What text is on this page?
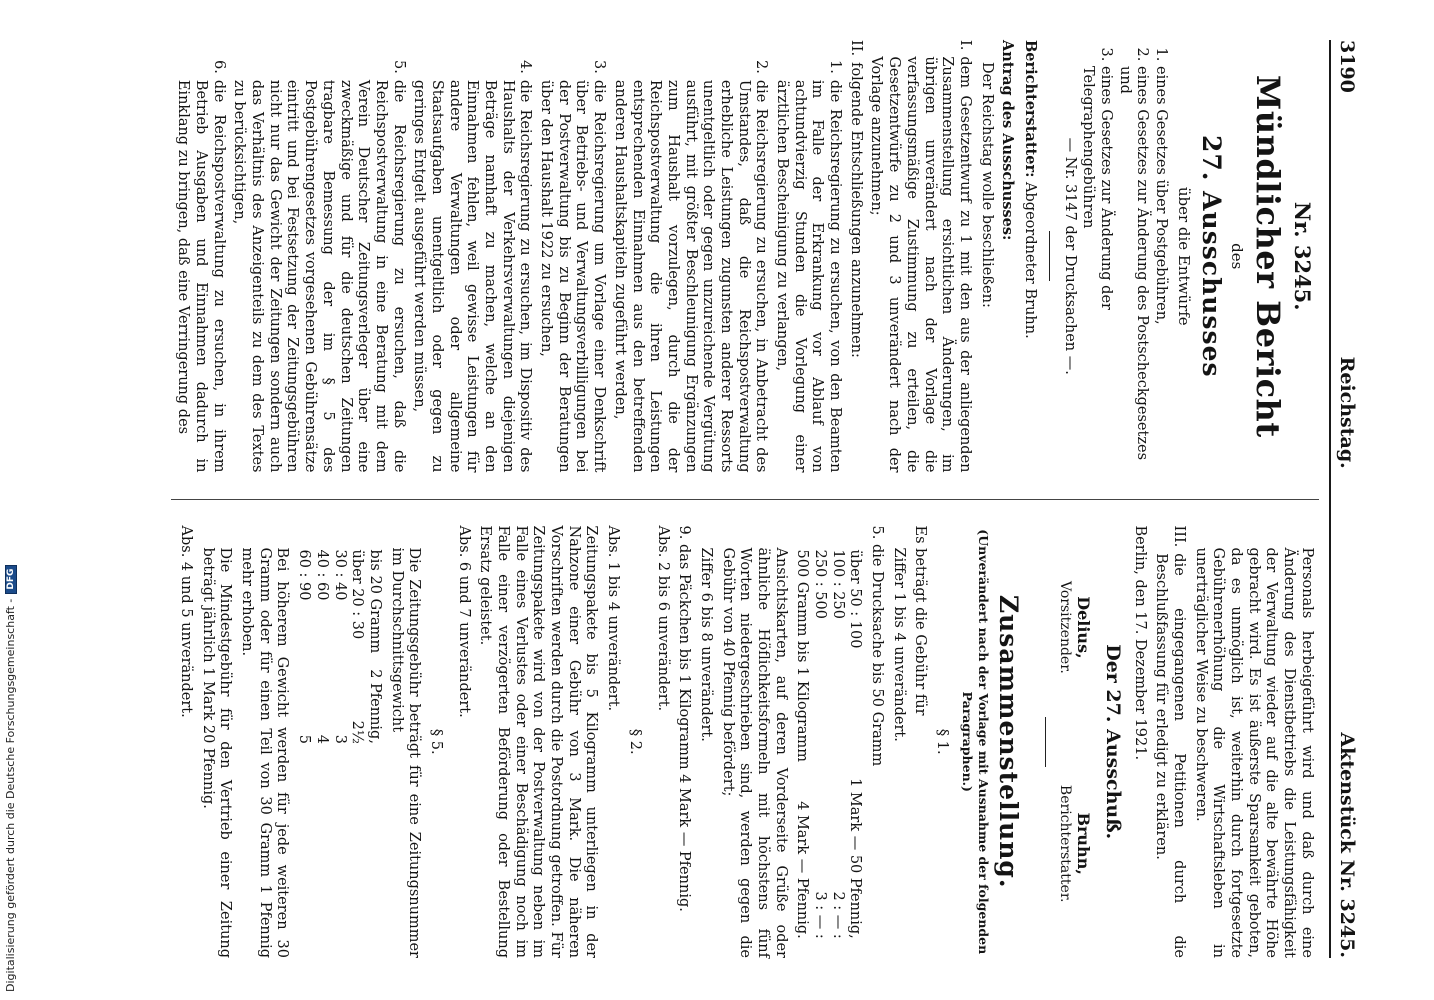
3190
Reichstag.
Aktenstück Nr. 3245.
Nr. 3245.
Mündlicher Bericht
des
27. Ausschusses
über die Entwürfe
1. eines Gesetzes über Postgebühren,
2. eines Gesetzes zur Änderung des Postscheckgesetzes und
3. eines Gesetzes zur Änderung der Telegraphengebühren
— Nr. 3147 der Drucksachen —.
Berichterstatter: Abgeordneter Bruhn.
Antrag des Ausschusses:
Der Reichstag wolle beschließen:
I.
dem Gesetzentwurf zu 1 mit den aus der anliegenden Zusammenstellung ersichtlichen Änderungen, im übrigen unverändert nach der Vorlage die verfassungsmäßige Zustimmung zu erteilen, die Gesetzentwürfe zu 2 und 3 unverändert nach der Vorlage anzunehmen;
II.
folgende Entschließungen anzunehmen:
1.
die Reichsregierung zu ersuchen, von den Beamten im Falle der Erkrankung vor Ablauf von achtundvierzig Stunden die Vorlegung einer ärztlichen Bescheinigung zu verlangen,
2.
die Reichsregierung zu ersuchen, in Anbetracht des Umstandes, daß die Reichspostverwaltung erhebliche Leistungen zugunsten anderer Ressorts unentgeltlich oder gegen unzureichende Vergütung ausführt, mit größter Beschleunigung Ergänzungen zum Haushalt vorzulegen, durch die der Reichspostverwaltung die ihren Leistungen entsprechenden Einnahmen aus den betreffenden anderen Haushaltskapiteln zugeführt werden,
3.
die Reichsregierung um Vorlage einer Denkschrift über Betriebs- und Verwaltungsverbilligungen bei der Postverwaltung bis zu Beginn der Beratungen über den Haushalt 1922 zu ersuchen,
4.
die Reichsregierung zu ersuchen, im Dispositiv des Haushalts der Verkehrsverwaltungen diejenigen Beträge namhaft zu machen, welche an den Einnahmen fehlen, weil gewisse Leistungen für andere Verwaltungen oder allgemeine Staatsaufgaben unentgeltlich oder gegen zu geringes Entgelt ausgeführt werden müssen,
5.
die Reichsregierung zu ersuchen, daß die Reichspostverwaltung in eine Beratung mit dem Verein Deutscher Zeitungsverleger über eine zweckmäßige und für die deutschen Zeitungen tragbare Bemessung der im § 5 des Postgebührengesetzes vorgesehenen Gebührensätze eintritt und bei Festsetzung der Zeitungsgebühren nicht nur das Gewicht der Zeitungen sondern auch das Verhältnis des Anzeigenteils zu dem des Textes zu berücksichtigen,
6.
die Reichspostverwaltung zu ersuchen, in ihrem Betrieb Ausgaben und Einnahmen dadurch in Einklang zu bringen, daß eine Verringerung des
Personals herbeigeführt wird und daß durch eine Änderung des Dienstbetriebs die Leistungsfähigkeit der Verwaltung wieder auf die alte bewährte Höhe gebracht wird. Es ist äußerste Sparsamkeit geboten, da es unmöglich ist, weiterhin durch fortgesetzte Gebührenerhöhung die Wirtschaftsleben in unerträglicher Weise zu beschweren.
III.
die eingegangenen Petitionen durch die Beschlußfassung für erledigt zu erklären.
Berlin, den 17. Dezember 1921.
Der 27. Ausschuß.
Delius,
Vorsitzender.
Bruhn,
Berichterstatter.
Zusammenstellung.
(Unverändert nach der Vorlage mit Ausnahme der folgenden Paragraphen.)
§ 1.
Es beträgt die Gebühr für
Ziffer 1 bis 4 unverändert.
5. die Drucksache bis 50 Gramm
über 50 : 100	1 Mark — 50 Pfennig,
100 : 250	2 : — :
250 : 500	3 : — :
500 Gramm bis 1 Kilogramm	4 Mark — Pfennig.
Ansichtskarten, auf deren Vorderseite Grüße oder ähnliche Höflichkeitsformeln mit höchstens fünf Worten niedergeschrieben sind, werden gegen die Gebühr von 40 Pfennig befördert;
Ziffer 6 bis 8 unverändert.
9. das Päckchen bis 1 Kilogramm 4 Mark — Pfennig.
Abs. 2 bis 6 unverändert.
§ 2.
Abs. 1 bis 4 unverändert.
Zeitungspakete bis 5 Kilogramm unterliegen in der Nahzone einer Gebühr von 3 Mark. Die näheren Vorschriften werden durch die Postordnung getroffen. Für Zeitungspakete wird von der Postverwaltung neben im Falle eines Verlustes oder einer Beschädigung noch im Falle einer verzögerten Beförderung oder Bestellung Ersatz geleistet.
Abs. 6 und 7 unverändert.
§ 5.
Die Zeitungsgebühr beträgt für eine Zeitungsnummer im Durchschnittsgewicht
bis 20 Gramm	2 Pfennig,
über 20 : 30	2½
30 : 40	3
40 : 60	4
60 : 90	5
Bei höherem Gewicht werden für jede weiteren 30 Gramm oder für einen Teil von 30 Gramm 1 Pfennig mehr erhoben.
Die Mindestgebühr für den Vertrieb einer Zeitung beträgt jährlich 1 Mark 20 Pfennig.
Abs. 4 und 5 unverändert.
Digitalisierung gefördert durch die Deutsche Forschungsgemeinschaft -
DFG
